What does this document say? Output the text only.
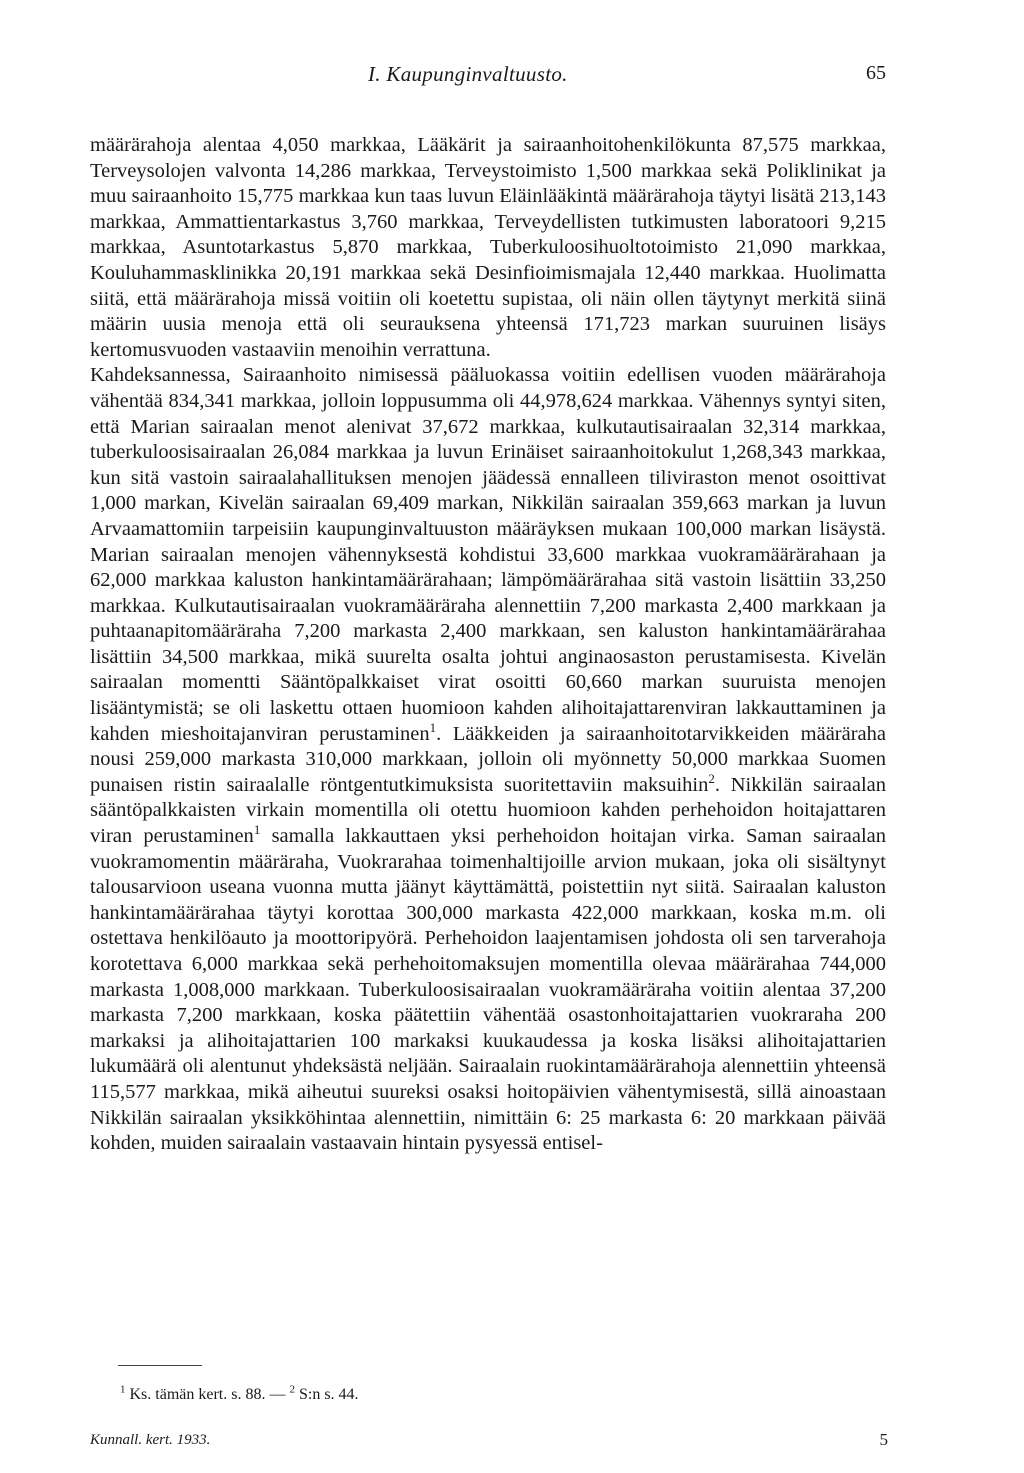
I. Kaupunginvaltuusto.	65

määrärahoja alentaa 4,050 markkaa, Lääkärit ja sairaanhoitohenkilökunta 87,575 markkaa, Terveysolojen valvonta 14,286 markkaa, Terveystoimisto 1,500 markkaa sekä Poliklinikat ja muu sairaanhoito 15,775 markkaa kun taas luvun Eläinlääkintä määrärahoja täytyi lisätä 213,143 markkaa, Ammattientarkastus 3,760 markkaa, Terveydellisten tutkimusten laboratoori 9,215 markkaa, Asuntotarkastus 5,870 markkaa, Tuberkuloosihuoltotoimisto 21,090 markkaa, Kouluhammasklinikka 20,191 markkaa sekä Desinfioimismajala 12,440 markkaa. Huolimatta siitä, että määrärahoja missä voitiin oli koetettu supistaa, oli näin ollen täytynyt merkitä siinä määrin uusia menoja että oli seurauksena yhteensä 171,723 markan suuruinen lisäys kertomusvuoden vastaaviin menoihin verrattuna.

Kahdeksannessa, Sairaanhoito nimisessä pääluokassa voitiin edellisen vuoden määrärahoja vähentää 834,341 markkaa, jolloin loppusumma oli 44,978,624 markkaa. Vähennys syntyi siten, että Marian sairaalan menot alenivat 37,672 markkaa, kulkutautisairaalan 32,314 markkaa, tuberkuloosisairaalan 26,084 markkaa ja luvun Erinäiset sairaanhoitokulut 1,268,343 markkaa, kun sitä vastoin sairaalahallituksen menojen jäädessä ennalleen tiliviraston menot osoittivat 1,000 markan, Kivelän sairaalan 69,409 markan, Nikkilän sairaalan 359,663 markan ja luvun Arvaamattomiin tarpeisiin kaupunginvaltuuston määräyksen mukaan 100,000 markan lisäystä. Marian sairaalan menojen vähennyksestä kohdistui 33,600 markkaa vuokramäärärahaan ja 62,000 markkaa kaluston hankintamäärärahaan; lämpömäärärahaa sitä vastoin lisättiin 33,250 markkaa. Kulkutautisairaalan vuokramääräraha alennettiin 7,200 markasta 2,400 markkaan ja puhtaanapitomääräraha 7,200 markasta 2,400 markkaan, sen kaluston hankintamäärärahaa lisättiin 34,500 markkaa, mikä suurelta osalta johtui anginaosaston perustamisesta. Kivelän sairaalan momentti Sääntöpalkkaiset virat osoitti 60,660 markan suuruista menojen lisääntymistä; se oli laskettu ottaen huomioon kahden alihoitajattarenviran lakkauttaminen ja kahden mieshoitajanviran perustaminen$^1$. Lääkkeiden ja sairaanhoitotarvikkeiden määräraha nousi 259,000 markasta 310,000 markkaan, jolloin oli myönnetty 50,000 markkaa Suomen punaisen ristin sairaalalle röntgentutkimuksista suoritettaviin maksuihin$^2$. Nikkilän sairaalan sääntöpalkkaisten virkain momentilla oli otettu huomioon kahden perhehoidon hoitajattaren viran perustaminen$^1$ samalla lakkauttaen yksi perhehoidon hoitajan virka. Saman sairaalan vuokramomentin määräraha, Vuokrarahaa toimenhaltijoille arvion mukaan, joka oli sisältynyt talousarvioon useana vuonna mutta jäänyt käyttämättä, poistettiin nyt siitä. Sairaalan kaluston hankintamäärärahaa täytyi korottaa 300,000 markasta 422,000 markkaan, koska m.m. oli ostettava henkilöauto ja moottoripyörä. Perhehoidon laajentamisen johdosta oli sen tarverahoja korotettava 6,000 markkaa sekä perhehoitomaksujen momentilla olevaa määrärahaa 744,000 markasta 1,008,000 markkaan. Tuberkuloosisairaalan vuokramääräraha voitiin alentaa 37,200 markasta 7,200 markkaan, koska päätettiin vähentää osastonhoitajattarien vuokraraha 200 markaksi ja alihoitajattarien 100 markaksi kuukaudessa ja koska lisäksi alihoitajattarien lukumäärä oli alentunut yhdeksästä neljään. Sairaalain ruokintamäärärahoja alennettiin yhteensä 115,577 markkaa, mikä aiheutui suureksi osaksi hoitopäivien vähentymisestä, sillä ainoastaan Nikkilän sairaalan yksikköhintaa alennettiin, nimittäin 6: 25 markasta 6: 20 markkaan päivää kohden, muiden sairaalain vastaavain hintain pysyessä entisel-

$^1$ Ks. tämän kert. s. 88. — $^2$ S:n s. 44.
Kunnall. kert. 1933.	5
